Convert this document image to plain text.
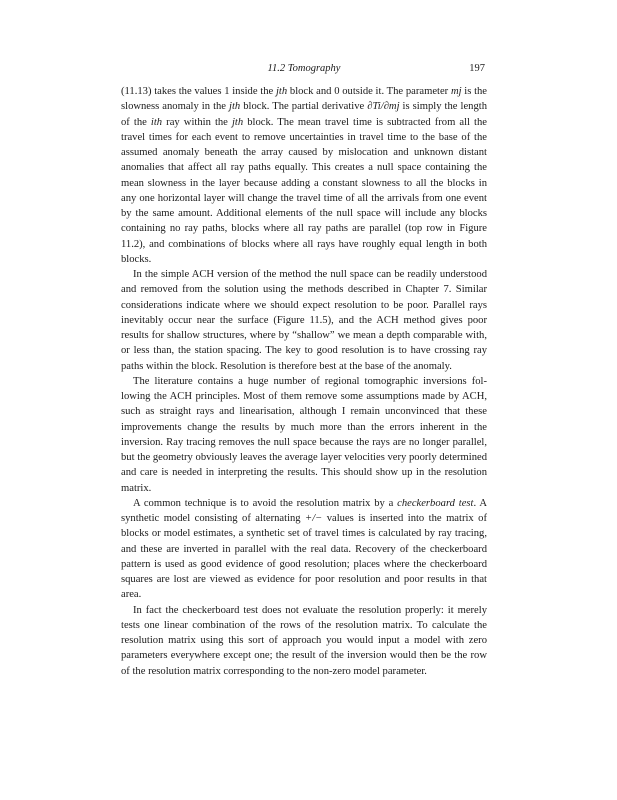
11.2 Tomography	197

(11.13) takes the values 1 inside the jth block and 0 outside it. The parameter mj is the slowness anomaly in the jth block. The partial derivative ∂Ti/∂mj is simply the length of the ith ray within the jth block. The mean travel time is subtracted from all the travel times for each event to remove uncertainties in travel time to the base of the assumed anomaly beneath the array caused by mislocation and unknown distant anomalies that affect all ray paths equally. This creates a null space containing the mean slowness in the layer because adding a constant slowness to all the blocks in any one horizontal layer will change the travel time of all the arrivals from one event by the same amount. Additional elements of the null space will include any blocks containing no ray paths, blocks where all ray paths are parallel (top row in Figure 11.2), and combinations of blocks where all rays have roughly equal length in both blocks.

In the simple ACH version of the method the null space can be readily understood and removed from the solution using the methods described in Chapter 7. Similar considerations indicate where we should expect resolution to be poor. Parallel rays inevitably occur near the surface (Figure 11.5), and the ACH method gives poor results for shallow structures, where by “shallow” we mean a depth comparable with, or less than, the station spacing. The key to good resolution is to have crossing ray paths within the block. Resolution is therefore best at the base of the anomaly.

The literature contains a huge number of regional tomographic inversions following the ACH principles. Most of them remove some assumptions made by ACH, such as straight rays and linearisation, although I remain unconvinced that these improvements change the results by much more than the errors inherent in the inversion. Ray tracing removes the null space because the rays are no longer parallel, but the geometry obviously leaves the average layer velocities very poorly determined and care is needed in interpreting the results. This should show up in the resolution matrix.

A common technique is to avoid the resolution matrix by a checkerboard test. A synthetic model consisting of alternating +/− values is inserted into the matrix of blocks or model estimates, a synthetic set of travel times is calculated by ray tracing, and these are inverted in parallel with the real data. Recovery of the checkerboard pattern is used as good evidence of good resolution; places where the checkerboard squares are lost are viewed as evidence for poor resolution and poor results in that area.

In fact the checkerboard test does not evaluate the resolution properly: it merely tests one linear combination of the rows of the resolution matrix. To calculate the resolution matrix using this sort of approach you would input a model with zero parameters everywhere except one; the result of the inversion would then be the row of the resolution matrix corresponding to the non-zero model parameter.
